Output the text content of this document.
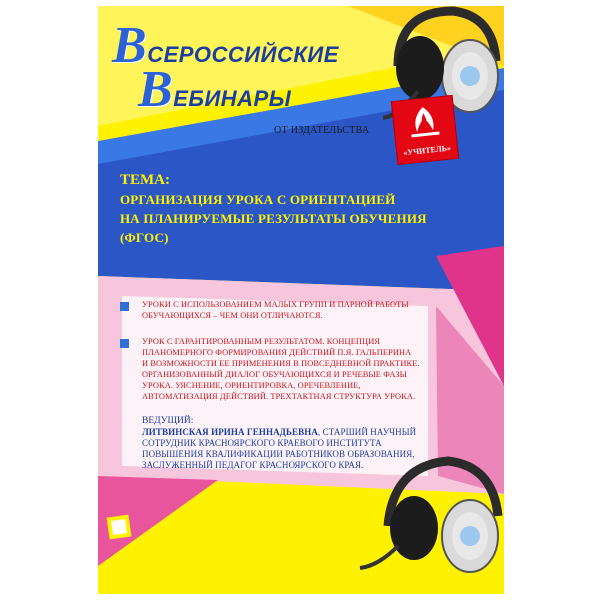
ВСЕРОССИЙСКИЕ
ВЕБИНАРЫ
ОТ ИЗДАТЕЛЬСТВА
«УЧИТЕЛЬ»
ТЕМА:
ОРГАНИЗАЦИЯ УРОКА С ОРИЕНТАЦИЕЙ
НА ПЛАНИРУЕМЫЕ РЕЗУЛЬТАТЫ ОБУЧЕНИЯ
(ФГОС)
УРОКИ С ИСПОЛЬЗОВАНИЕМ МАЛЫХ ГРУПП И ПАРНОЙ РАБОТЫ
ОБУЧАЮЩИХСЯ – ЧЕМ ОНИ ОТЛИЧАЮТСЯ.
УРОК С ГАРАНТИРОВАННЫМ РЕЗУЛЬТАТОМ. КОНЦЕПЦИЯ
ПЛАНОМЕРНОГО ФОРМИРОВАНИЯ ДЕЙСТВИЙ П.Я. ГАЛЬПЕРИНА
И ВОЗМОЖНОСТИ ЕЕ ПРИМЕНЕНИЯ В ПОВСЕДНЕВНОЙ ПРАКТИКЕ.
ОРГАНИЗОВАННЫЙ ДИАЛОГ ОБУЧАЮЩИХСЯ И РЕЧЕВЫЕ ФАЗЫ
УРОКА. УЯСНЕНИЕ, ОРИЕНТИРОВКА, ОРЕЧЕВЛЕНИЕ,
АВТОМАТИЗАЦИЯ ДЕЙСТВИЙ. ТРЕХТАКТНАЯ СТРУКТУРА УРОКА.
ВЕДУЩИЙ:
ЛИТВИНСКАЯ ИРИНА ГЕННАДЬЕВНА, СТАРШИЙ НАУЧНЫЙ
СОТРУДНИК КРАСНОЯРСКОГО КРАЕВОГО ИНСТИТУТА
ПОВЫШЕНИЯ КВАЛИФИКАЦИИ РАБОТНИКОВ ОБРАЗОВАНИЯ,
ЗАСЛУЖЕННЫЙ ПЕДАГОГ КРАСНОЯРСКОГО КРАЯ.
